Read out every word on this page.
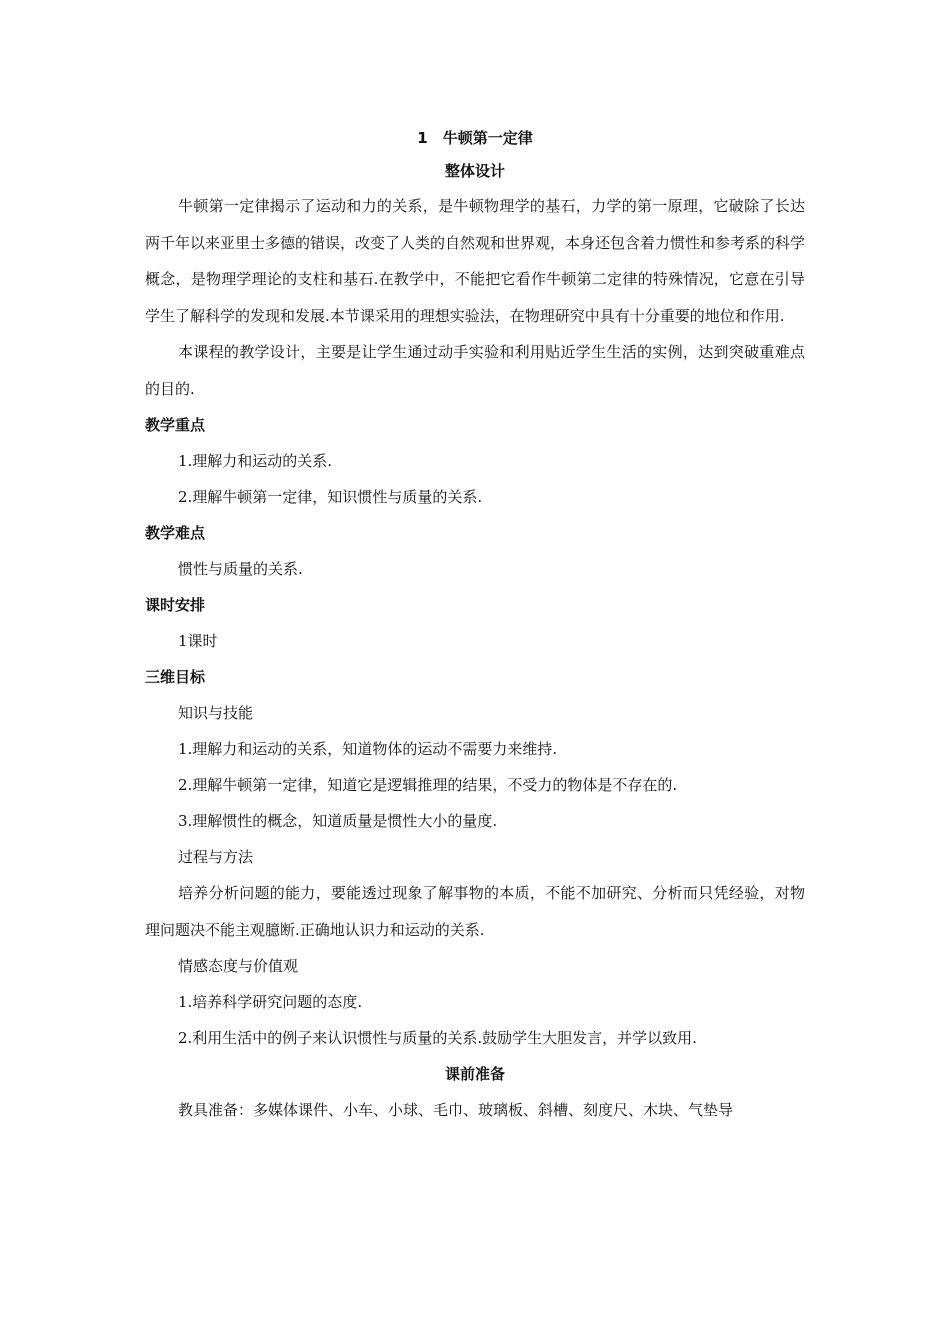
1　牛顿第一定律
整体设计

牛顿第一定律揭示了运动和力的关系，是牛顿物理学的基石，力学的第一原理，它破除了长达两千年以来亚里士多德的错误，改变了人类的自然观和世界观，本身还包含着力惯性和参考系的科学概念，是物理学理论的支柱和基石.在教学中，不能把它看作牛顿第二定律的特殊情况，它意在引导学生了解科学的发现和发展.本节课采用的理想实验法，在物理研究中具有十分重要的地位和作用.

本课程的教学设计，主要是让学生通过动手实验和利用贴近学生生活的实例，达到突破重难点的目的.

教学重点
1.理解力和运动的关系.
2.理解牛顿第一定律，知识惯性与质量的关系.
教学难点
惯性与质量的关系.
课时安排
1课时
三维目标
知识与技能
1.理解力和运动的关系，知道物体的运动不需要力来维持.
2.理解牛顿第一定律，知道它是逻辑推理的结果，不受力的物体是不存在的.
3.理解惯性的概念，知道质量是惯性大小的量度.
过程与方法

培养分析问题的能力，要能透过现象了解事物的本质，不能不加研究、分析而只凭经验，对物理问题决不能主观臆断.正确地认识力和运动的关系.

情感态度与价值观
1.培养科学研究问题的态度.
2.利用生活中的例子来认识惯性与质量的关系.鼓励学生大胆发言，并学以致用.
课前准备
教具准备：多媒体课件、小车、小球、毛巾、玻璃板、斜槽、刻度尺、木块、气垫导
